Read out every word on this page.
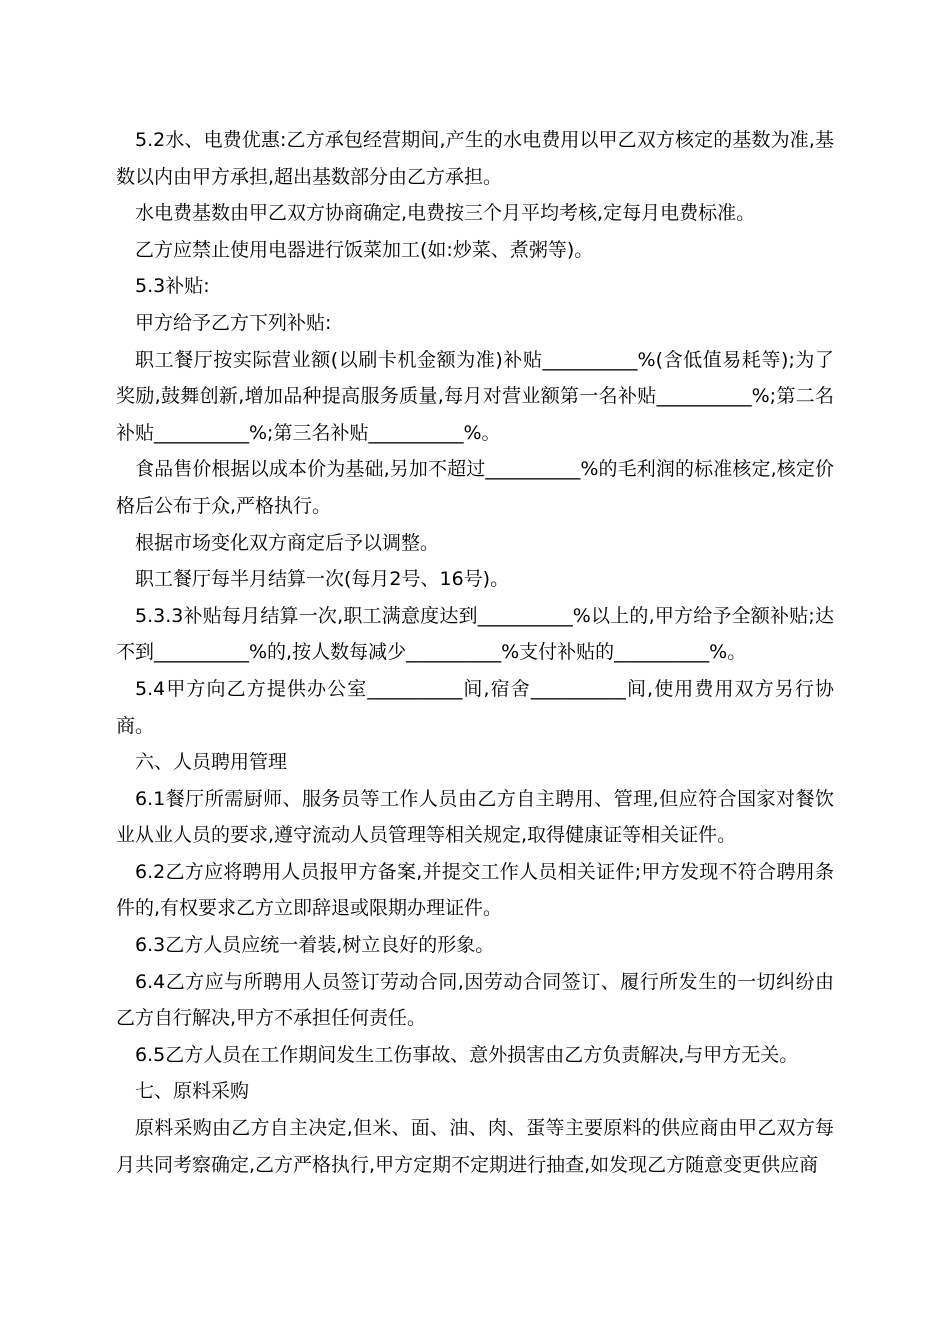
5.2水、电费优惠:乙方承包经营期间,产生的水电费用以甲乙双方核定的基数为准,基数以内由甲方承担,超出基数部分由乙方承担。

水电费基数由甲乙双方协商确定,电费按三个月平均考核,定每月电费标准。

乙方应禁止使用电器进行饭菜加工(如:炒菜、煮粥等)。

5.3补贴:

甲方给予乙方下列补贴:

职工餐厅按实际营业额(以刷卡机金额为准)补贴__________%(含低值易耗等);为了奖励,鼓舞创新,增加品种提高服务质量,每月对营业额第一名补贴__________%;第二名补贴__________%;第三名补贴__________%。

食品售价根据以成本价为基础,另加不超过__________%的毛利润的标准核定,核定价格后公布于众,严格执行。

根据市场变化双方商定后予以调整。

职工餐厅每半月结算一次(每月2号、16号)。

5.3.3补贴每月结算一次,职工满意度达到__________%以上的,甲方给予全额补贴;达不到__________%的,按人数每减少__________%支付补贴的__________%。

5.4甲方向乙方提供办公室__________间,宿舍__________间,使用费用双方另行协商。

六、人员聘用管理

6.1餐厅所需厨师、服务员等工作人员由乙方自主聘用、管理,但应符合国家对餐饮业从业人员的要求,遵守流动人员管理等相关规定,取得健康证等相关证件。

6.2乙方应将聘用人员报甲方备案,并提交工作人员相关证件;甲方发现不符合聘用条件的,有权要求乙方立即辞退或限期办理证件。

6.3乙方人员应统一着装,树立良好的形象。

6.4乙方应与所聘用人员签订劳动合同,因劳动合同签订、履行所发生的一切纠纷由乙方自行解决,甲方不承担任何责任。

6.5乙方人员在工作期间发生工伤事故、意外损害由乙方负责解决,与甲方无关。

七、原料采购

原料采购由乙方自主决定,但米、面、油、肉、蛋等主要原料的供应商由甲乙双方每月共同考察确定,乙方严格执行,甲方定期不定期进行抽查,如发现乙方随意变更供应商
